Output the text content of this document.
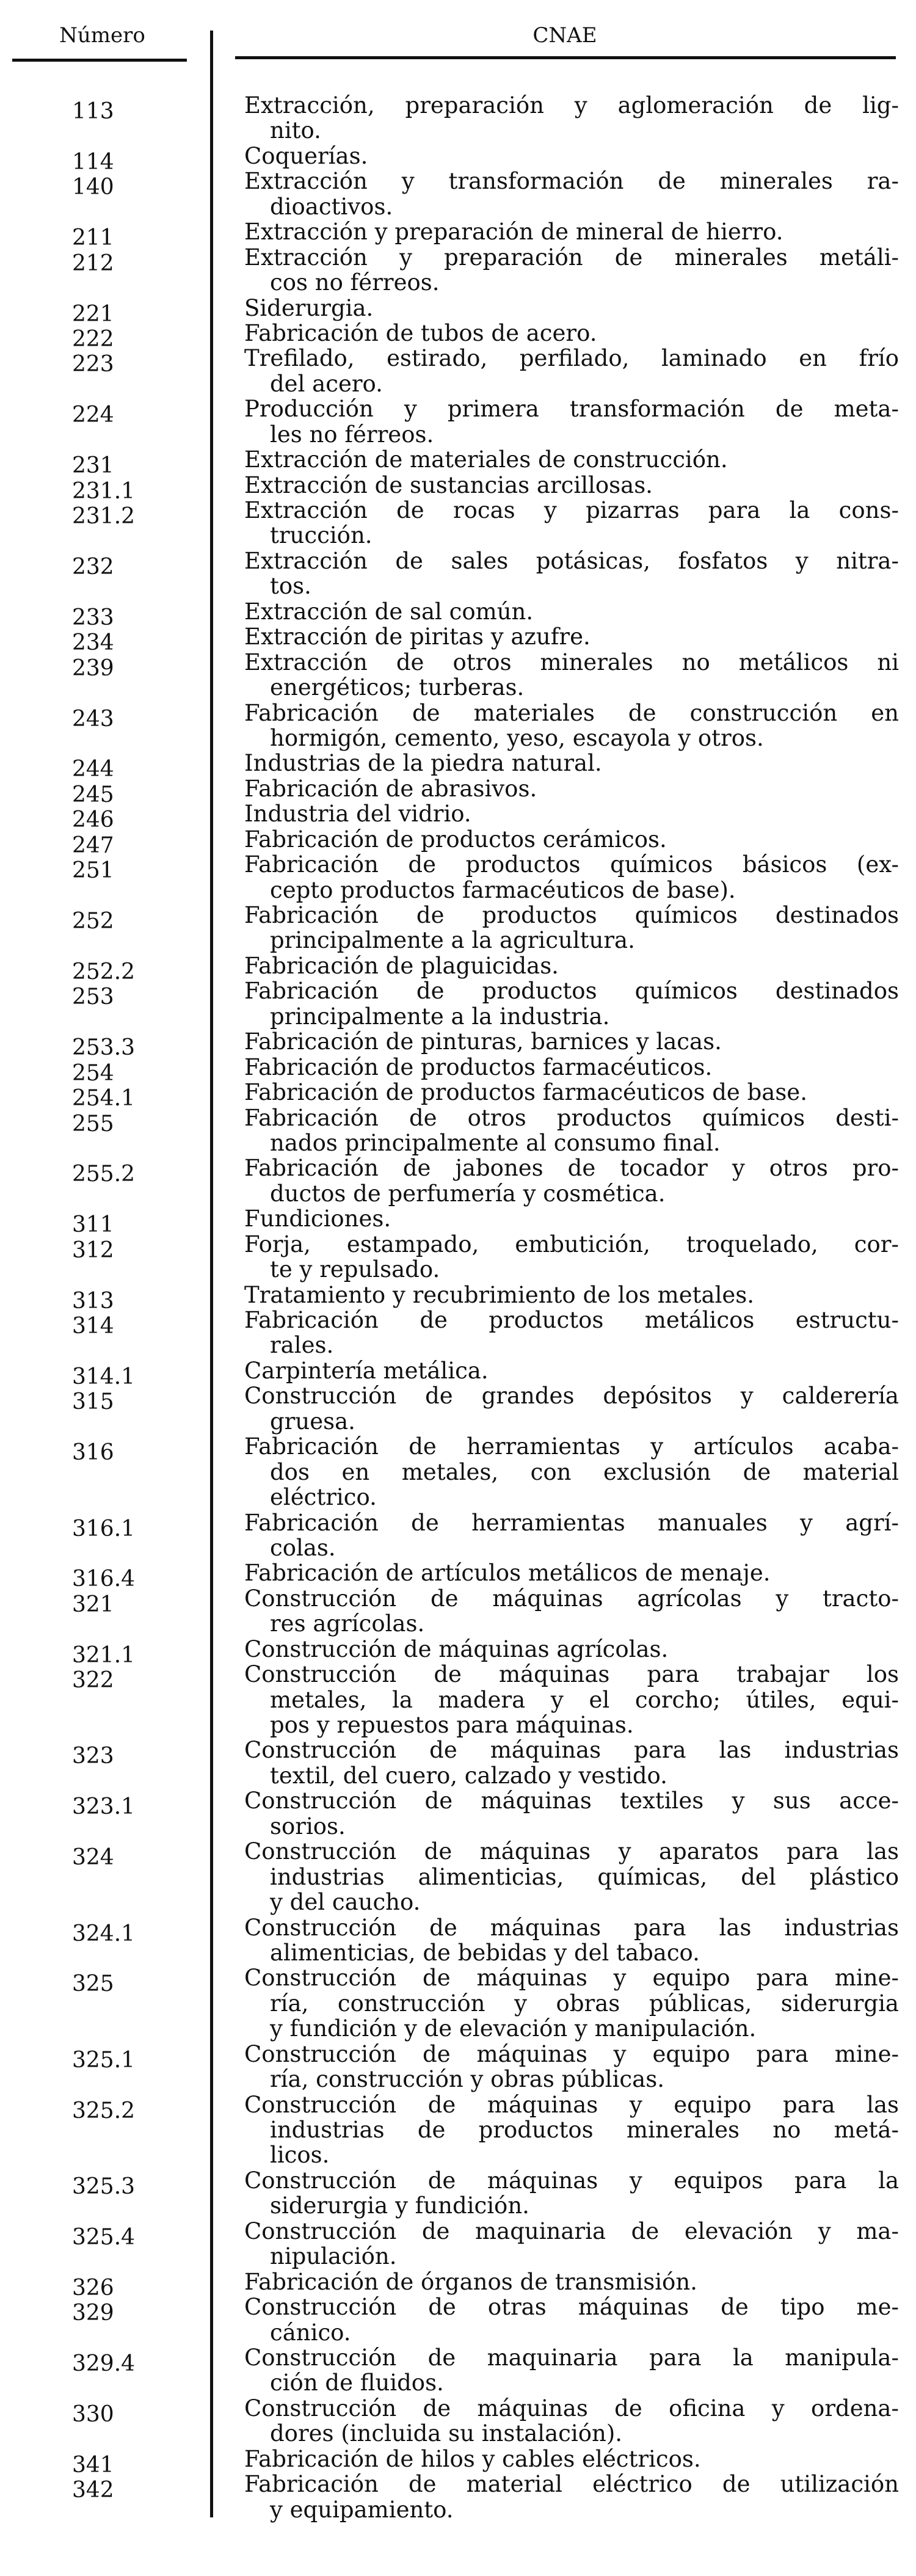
Número	CNAE
113	Extracción, preparación y aglomeración de lig-
nito.
114	Coquerías.
140	Extracción y transformación de minerales ra-
dioactivos.
211	Extracción y preparación de mineral de hierro.
212	Extracción y preparación de minerales metáli-
cos no férreos.
221	Siderurgia.
222	Fabricación de tubos de acero.
223	Trefilado, estirado, perfilado, laminado en frío
del acero.
224	Producción y primera transformación de meta-
les no férreos.
231	Extracción de materiales de construcción.
231.1	Extracción de sustancias arcillosas.
231.2	Extracción de rocas y pizarras para la cons-
trucción.
232	Extracción de sales potásicas, fosfatos y nitra-
tos.
233	Extracción de sal común.
234	Extracción de piritas y azufre.
239	Extracción de otros minerales no metálicos ni
energéticos; turberas.
243	Fabricación de materiales de construcción en
hormigón, cemento, yeso, escayola y otros.
244	Industrias de la piedra natural.
245	Fabricación de abrasivos.
246	Industria del vidrio.
247	Fabricación de productos cerámicos.
251	Fabricación de productos químicos básicos (ex-
cepto productos farmacéuticos de base).
252	Fabricación de productos químicos destinados
principalmente a la agricultura.
252.2	Fabricación de plaguicidas.
253	Fabricación de productos químicos destinados
principalmente a la industria.
253.3	Fabricación de pinturas, barnices y lacas.
254	Fabricación de productos farmacéuticos.
254.1	Fabricación de productos farmacéuticos de base.
255	Fabricación de otros productos químicos desti-
nados principalmente al consumo final.
255.2	Fabricación de jabones de tocador y otros pro-
ductos de perfumería y cosmética.
311	Fundiciones.
312	Forja, estampado, embutición, troquelado, cor-
te y repulsado.
313	Tratamiento y recubrimiento de los metales.
314	Fabricación de productos metálicos estructu-
rales.
314.1	Carpintería metálica.
315	Construcción de grandes depósitos y calderería
gruesa.
316	Fabricación de herramientas y artículos acaba-
dos en metales, con exclusión de material
eléctrico.
316.1	Fabricación de herramientas manuales y agrí-
colas.
316.4	Fabricación de artículos metálicos de menaje.
321	Construcción de máquinas agrícolas y tracto-
res agrícolas.
321.1	Construcción de máquinas agrícolas.
322	Construcción de máquinas para trabajar los
metales, la madera y el corcho; útiles, equi-
pos y repuestos para máquinas.
323	Construcción de máquinas para las industrias
textil, del cuero, calzado y vestido.
323.1	Construcción de máquinas textiles y sus acce-
sorios.
324	Construcción de máquinas y aparatos para las
industrias alimenticias, químicas, del plástico
y del caucho.
324.1	Construcción de máquinas para las industrias
alimenticias, de bebidas y del tabaco.
325	Construcción de máquinas y equipo para mine-
ría, construcción y obras públicas, siderurgia
y fundición y de elevación y manipulación.
325.1	Construcción de máquinas y equipo para mine-
ría, construcción y obras públicas.
325.2	Construcción de máquinas y equipo para las
industrias de productos minerales no metá-
licos.
325.3	Construcción de máquinas y equipos para la
siderurgia y fundición.
325.4	Construcción de maquinaria de elevación y ma-
nipulación.
326	Fabricación de órganos de transmisión.
329	Construcción de otras máquinas de tipo me-
cánico.
329.4	Construcción de maquinaria para la manipula-
ción de fluidos.
330	Construcción de máquinas de oficina y ordena-
dores (incluida su instalación).
341	Fabricación de hilos y cables eléctricos.
342	Fabricación de material eléctrico de utilización
y equipamiento.
